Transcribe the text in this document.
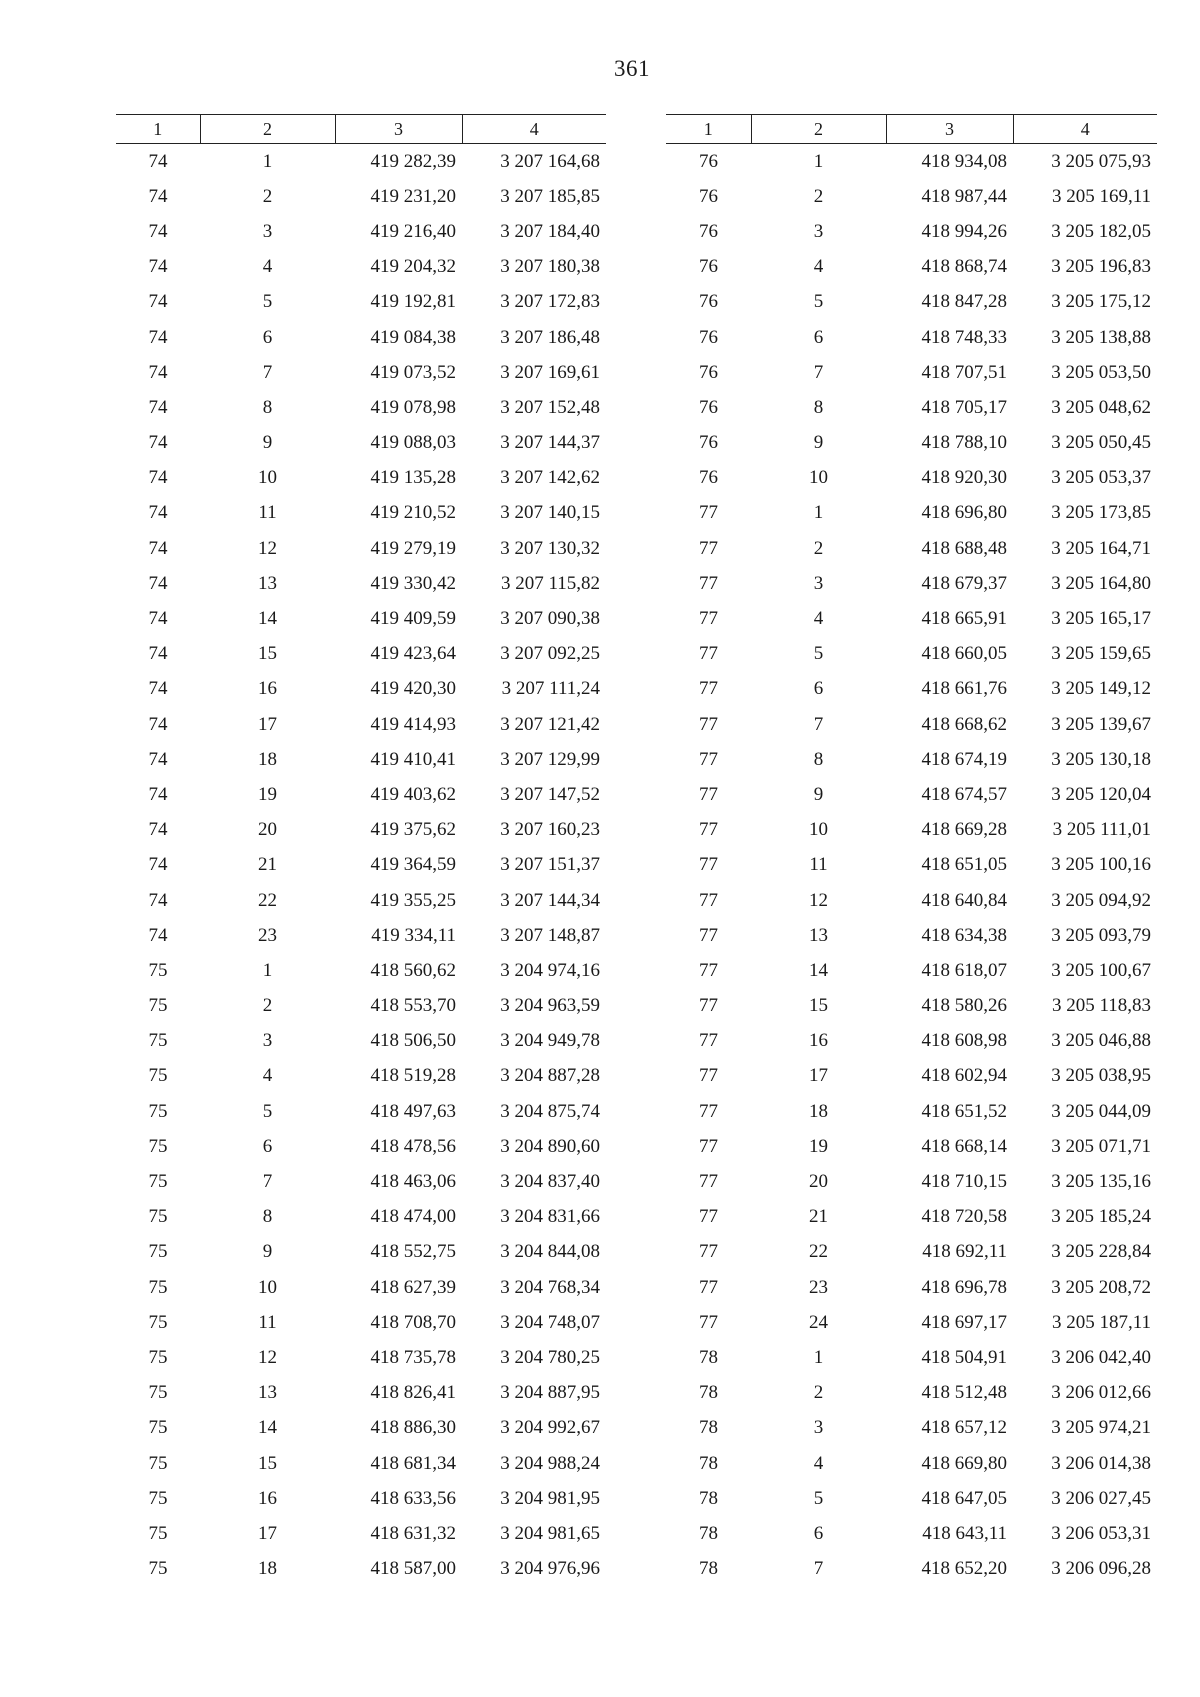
361
1	2	3	4
74	1	419 282,39	3 207 164,68
74	2	419 231,20	3 207 185,85
74	3	419 216,40	3 207 184,40
74	4	419 204,32	3 207 180,38
74	5	419 192,81	3 207 172,83
74	6	419 084,38	3 207 186,48
74	7	419 073,52	3 207 169,61
74	8	419 078,98	3 207 152,48
74	9	419 088,03	3 207 144,37
74	10	419 135,28	3 207 142,62
74	11	419 210,52	3 207 140,15
74	12	419 279,19	3 207 130,32
74	13	419 330,42	3 207 115,82
74	14	419 409,59	3 207 090,38
74	15	419 423,64	3 207 092,25
74	16	419 420,30	3 207 111,24
74	17	419 414,93	3 207 121,42
74	18	419 410,41	3 207 129,99
74	19	419 403,62	3 207 147,52
74	20	419 375,62	3 207 160,23
74	21	419 364,59	3 207 151,37
74	22	419 355,25	3 207 144,34
74	23	419 334,11	3 207 148,87
75	1	418 560,62	3 204 974,16
75	2	418 553,70	3 204 963,59
75	3	418 506,50	3 204 949,78
75	4	418 519,28	3 204 887,28
75	5	418 497,63	3 204 875,74
75	6	418 478,56	3 204 890,60
75	7	418 463,06	3 204 837,40
75	8	418 474,00	3 204 831,66
75	9	418 552,75	3 204 844,08
75	10	418 627,39	3 204 768,34
75	11	418 708,70	3 204 748,07
75	12	418 735,78	3 204 780,25
75	13	418 826,41	3 204 887,95
75	14	418 886,30	3 204 992,67
75	15	418 681,34	3 204 988,24
75	16	418 633,56	3 204 981,95
75	17	418 631,32	3 204 981,65
75	18	418 587,00	3 204 976,96
1	2	3	4
76	1	418 934,08	3 205 075,93
76	2	418 987,44	3 205 169,11
76	3	418 994,26	3 205 182,05
76	4	418 868,74	3 205 196,83
76	5	418 847,28	3 205 175,12
76	6	418 748,33	3 205 138,88
76	7	418 707,51	3 205 053,50
76	8	418 705,17	3 205 048,62
76	9	418 788,10	3 205 050,45
76	10	418 920,30	3 205 053,37
77	1	418 696,80	3 205 173,85
77	2	418 688,48	3 205 164,71
77	3	418 679,37	3 205 164,80
77	4	418 665,91	3 205 165,17
77	5	418 660,05	3 205 159,65
77	6	418 661,76	3 205 149,12
77	7	418 668,62	3 205 139,67
77	8	418 674,19	3 205 130,18
77	9	418 674,57	3 205 120,04
77	10	418 669,28	3 205 111,01
77	11	418 651,05	3 205 100,16
77	12	418 640,84	3 205 094,92
77	13	418 634,38	3 205 093,79
77	14	418 618,07	3 205 100,67
77	15	418 580,26	3 205 118,83
77	16	418 608,98	3 205 046,88
77	17	418 602,94	3 205 038,95
77	18	418 651,52	3 205 044,09
77	19	418 668,14	3 205 071,71
77	20	418 710,15	3 205 135,16
77	21	418 720,58	3 205 185,24
77	22	418 692,11	3 205 228,84
77	23	418 696,78	3 205 208,72
77	24	418 697,17	3 205 187,11
78	1	418 504,91	3 206 042,40
78	2	418 512,48	3 206 012,66
78	3	418 657,12	3 205 974,21
78	4	418 669,80	3 206 014,38
78	5	418 647,05	3 206 027,45
78	6	418 643,11	3 206 053,31
78	7	418 652,20	3 206 096,28
